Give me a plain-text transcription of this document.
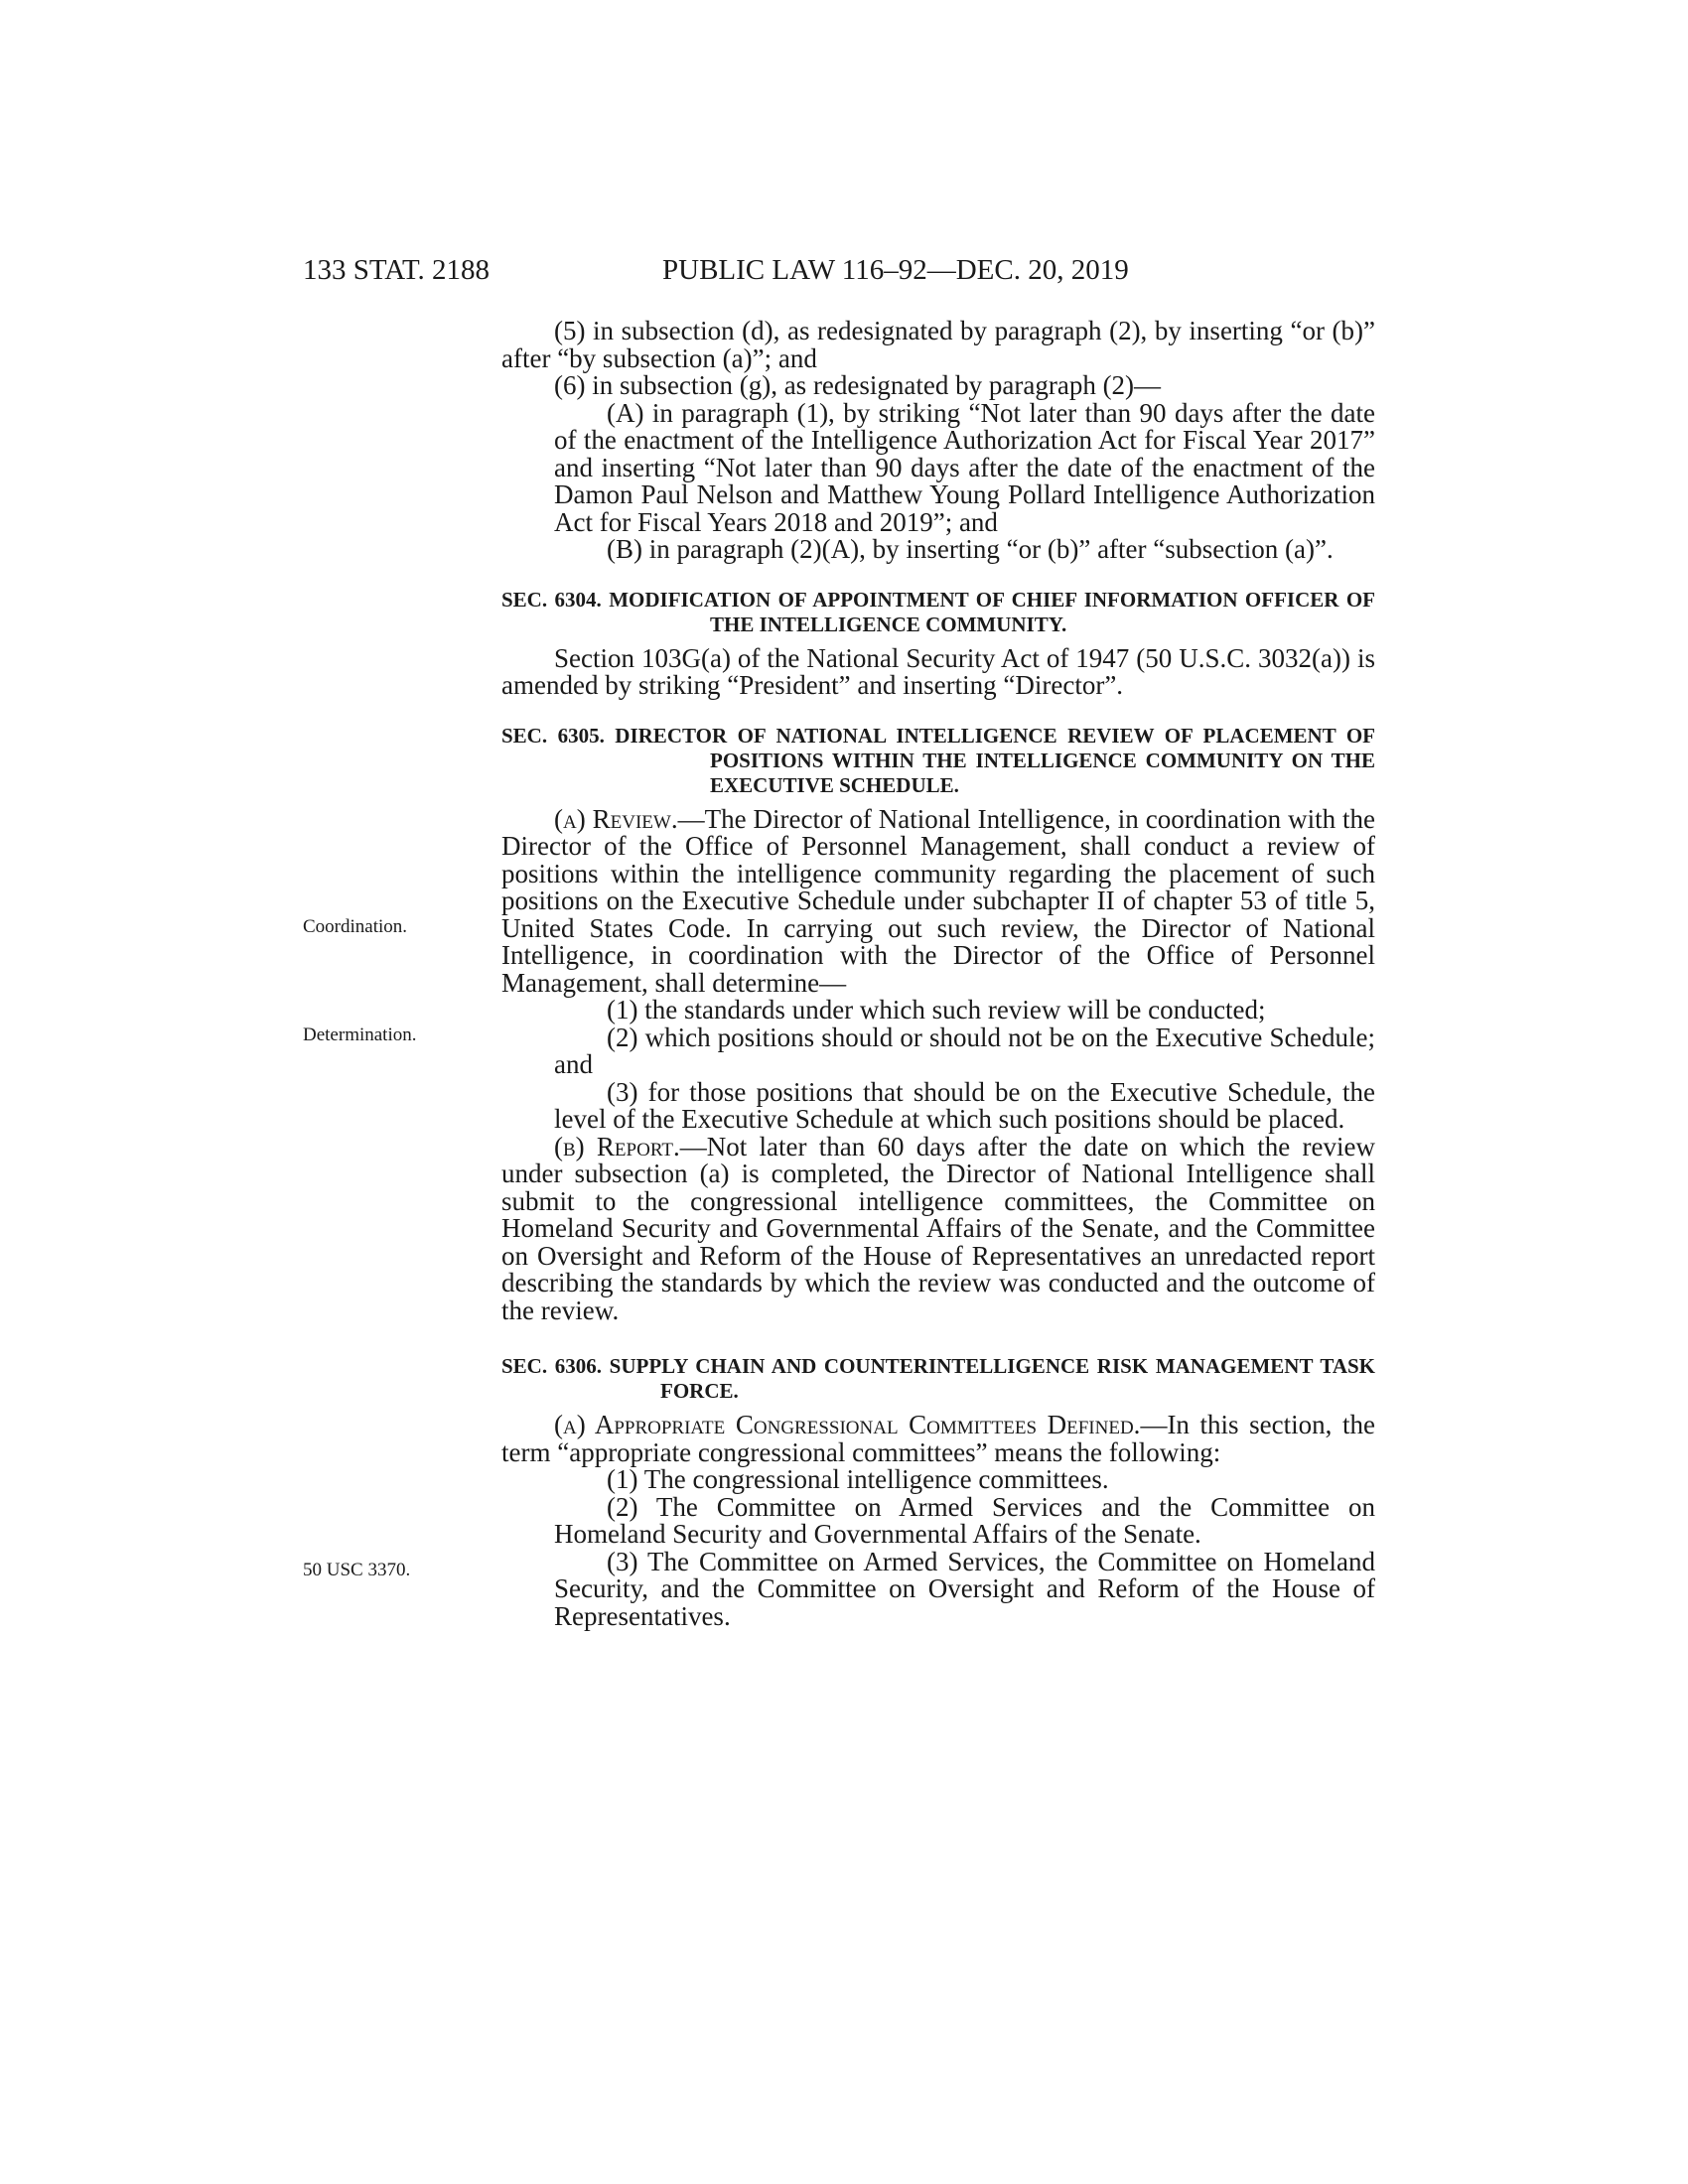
133 STAT. 2188	PUBLIC LAW 116–92—DEC. 20, 2019
Coordination.
Determination.
50 USC 3370.

(5) in subsection (d), as redesignated by paragraph (2), by inserting “or (b)” after “by subsection (a)”; and

(6) in subsection (g), as redesignated by paragraph (2)—

(A) in paragraph (1), by striking “Not later than 90 days after the date of the enactment of the Intelligence Authorization Act for Fiscal Year 2017” and inserting “Not later than 90 days after the date of the enactment of the Damon Paul Nelson and Matthew Young Pollard Intelligence Authorization Act for Fiscal Years 2018 and 2019”; and

(B) in paragraph (2)(A), by inserting “or (b)” after “subsection (a)”.

SEC. 6304. MODIFICATION OF APPOINTMENT OF CHIEF INFORMATION OFFICER OF THE INTELLIGENCE COMMUNITY.

Section 103G(a) of the National Security Act of 1947 (50 U.S.C. 3032(a)) is amended by striking “President” and inserting “Director”.

SEC. 6305. DIRECTOR OF NATIONAL INTELLIGENCE REVIEW OF PLACEMENT OF POSITIONS WITHIN THE INTELLIGENCE COMMUNITY ON THE EXECUTIVE SCHEDULE.

(a) Review.—The Director of National Intelligence, in coordination with the Director of the Office of Personnel Management, shall conduct a review of positions within the intelligence community regarding the placement of such positions on the Executive Schedule under subchapter II of chapter 53 of title 5, United States Code. In carrying out such review, the Director of National Intelligence, in coordination with the Director of the Office of Personnel Management, shall determine—

(1) the standards under which such review will be conducted;

(2) which positions should or should not be on the Executive Schedule; and

(3) for those positions that should be on the Executive Schedule, the level of the Executive Schedule at which such positions should be placed.

(b) Report.—Not later than 60 days after the date on which the review under subsection (a) is completed, the Director of National Intelligence shall submit to the congressional intelligence committees, the Committee on Homeland Security and Governmental Affairs of the Senate, and the Committee on Oversight and Reform of the House of Representatives an unredacted report describing the standards by which the review was conducted and the outcome of the review.

SEC. 6306. SUPPLY CHAIN AND COUNTERINTELLIGENCE RISK MANAGEMENT TASK FORCE.

(a) Appropriate Congressional Committees Defined.—In this section, the term “appropriate congressional committees” means the following:

(1) The congressional intelligence committees.

(2) The Committee on Armed Services and the Committee on Homeland Security and Governmental Affairs of the Senate.

(3) The Committee on Armed Services, the Committee on Homeland Security, and the Committee on Oversight and Reform of the House of Representatives.
